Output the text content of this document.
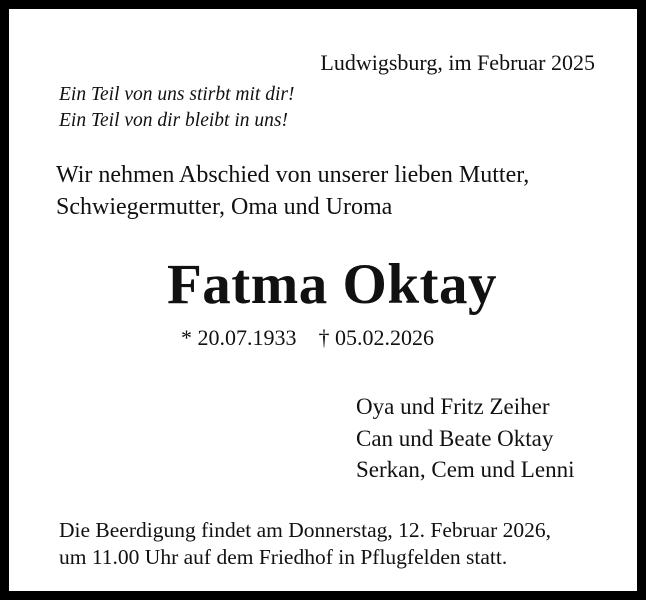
Ludwigsburg, im Februar 2025
Ein Teil von uns stirbt mit dir!
Ein Teil von dir bleibt in uns!
Wir nehmen Abschied von unserer lieben Mutter,
Schwiegermutter, Oma und Uroma
Fatma Oktay
* 20.07.1933 † 05.02.2026
Oya und Fritz Zeiher
Can und Beate Oktay
Serkan, Cem und Lenni
Die Beerdigung findet am Donnerstag, 12. Februar 2026,
um 11.00 Uhr auf dem Friedhof in Pflugfelden statt.
